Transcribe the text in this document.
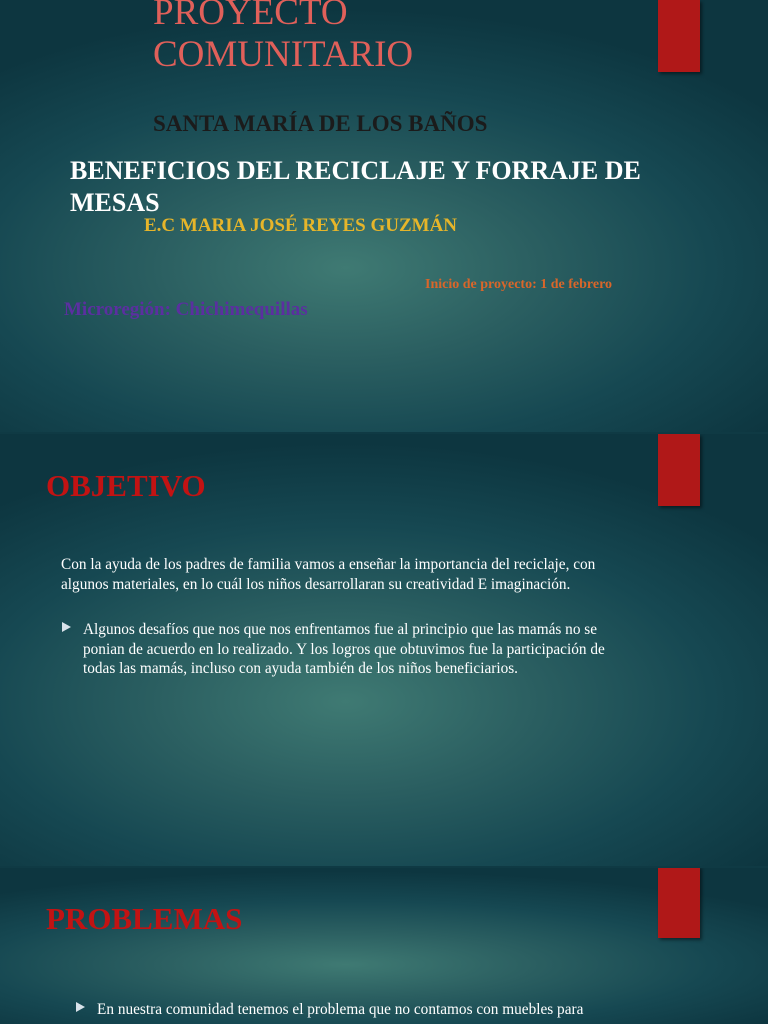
PROYECTO COMUNITARIO
SANTA MARÍA DE LOS BAÑOS
BENEFICIOS DEL RECICLAJE Y FORRAJE DE MESAS
E.C MARIA JOSÉ REYES GUZMÁN
Inicio de proyecto: 1 de febrero
Microregión: Chichimequillas
OBJETIVO
Con la ayuda de los padres de familia vamos a enseñar la importancia del reciclaje, con algunos materiales, en lo cuál los niños desarrollaran su creatividad E imaginación.
Algunos desafíos que nos que nos enfrentamos fue al principio que las mamás no se ponian de acuerdo en lo realizado. Y los logros que obtuvimos fue la participación de todas las mamás, incluso con ayuda también de los niños beneficiarios.
PROBLEMAS
En nuestra comunidad tenemos el problema que no contamos con muebles para
